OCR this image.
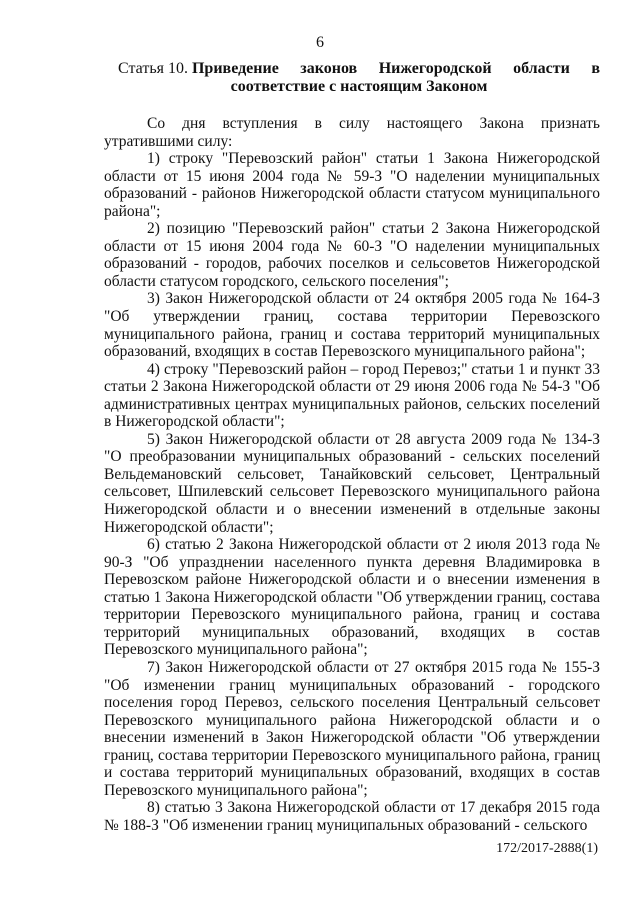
6
Статья 10. Приведение законов Нижегородской области в
соответствие с настоящим Законом

Со дня вступления в силу настоящего Закона признать утратившими силу:

1) строку "Перевозский район" статьи 1 Закона Нижегородской области от 15 июня 2004 года № 59-З "О наделении муниципальных образований - районов Нижегородской области статусом муниципального района";

2) позицию "Перевозский район" статьи 2 Закона Нижегородской области от 15 июня 2004 года № 60-З "О наделении муниципальных образований - городов, рабочих поселков и сельсоветов Нижегородской области статусом городского, сельского поселения";

3) Закон Нижегородской области от 24 октября 2005 года № 164-З "Об утверждении границ, состава территории Перевозского муниципального района, границ и состава территорий муниципальных образований, входящих в состав Перевозского муниципального района";

4) строку "Перевозский район – город Перевоз;" статьи 1 и пункт 33 статьи 2 Закона Нижегородской области от 29 июня 2006 года № 54-З "Об административных центрах муниципальных районов, сельских поселений в Нижегородской области";

5) Закон Нижегородской области от 28 августа 2009 года № 134-З "О преобразовании муниципальных образований - сельских поселений Вельдемановский сельсовет, Танайковский сельсовет, Центральный сельсовет, Шпилевский сельсовет Перевозского муниципального района Нижегородской области и о внесении изменений в отдельные законы Нижегородской области";

6) статью 2 Закона Нижегородской области от 2 июля 2013 года № 90-З "Об упразднении населенного пункта деревня Владимировка в Перевозском районе Нижегородской области и о внесении изменения в статью 1 Закона Нижегородской области "Об утверждении границ, состава территории Перевозского муниципального района, границ и состава территорий муниципальных образований, входящих в состав Перевозского муниципального района";

7) Закон Нижегородской области от 27 октября 2015 года № 155-З "Об изменении границ муниципальных образований - городского поселения город Перевоз, сельского поселения Центральный сельсовет Перевозского муниципального района Нижегородской области и о внесении изменений в Закон Нижегородской области "Об утверждении границ, состава территории Перевозского муниципального района, границ и состава территорий муниципальных образований, входящих в состав Перевозского муниципального района";

8) статью 3 Закона Нижегородской области от 17 декабря 2015 года № 188-З "Об изменении границ муниципальных образований - сельского

172/2017-2888(1)
